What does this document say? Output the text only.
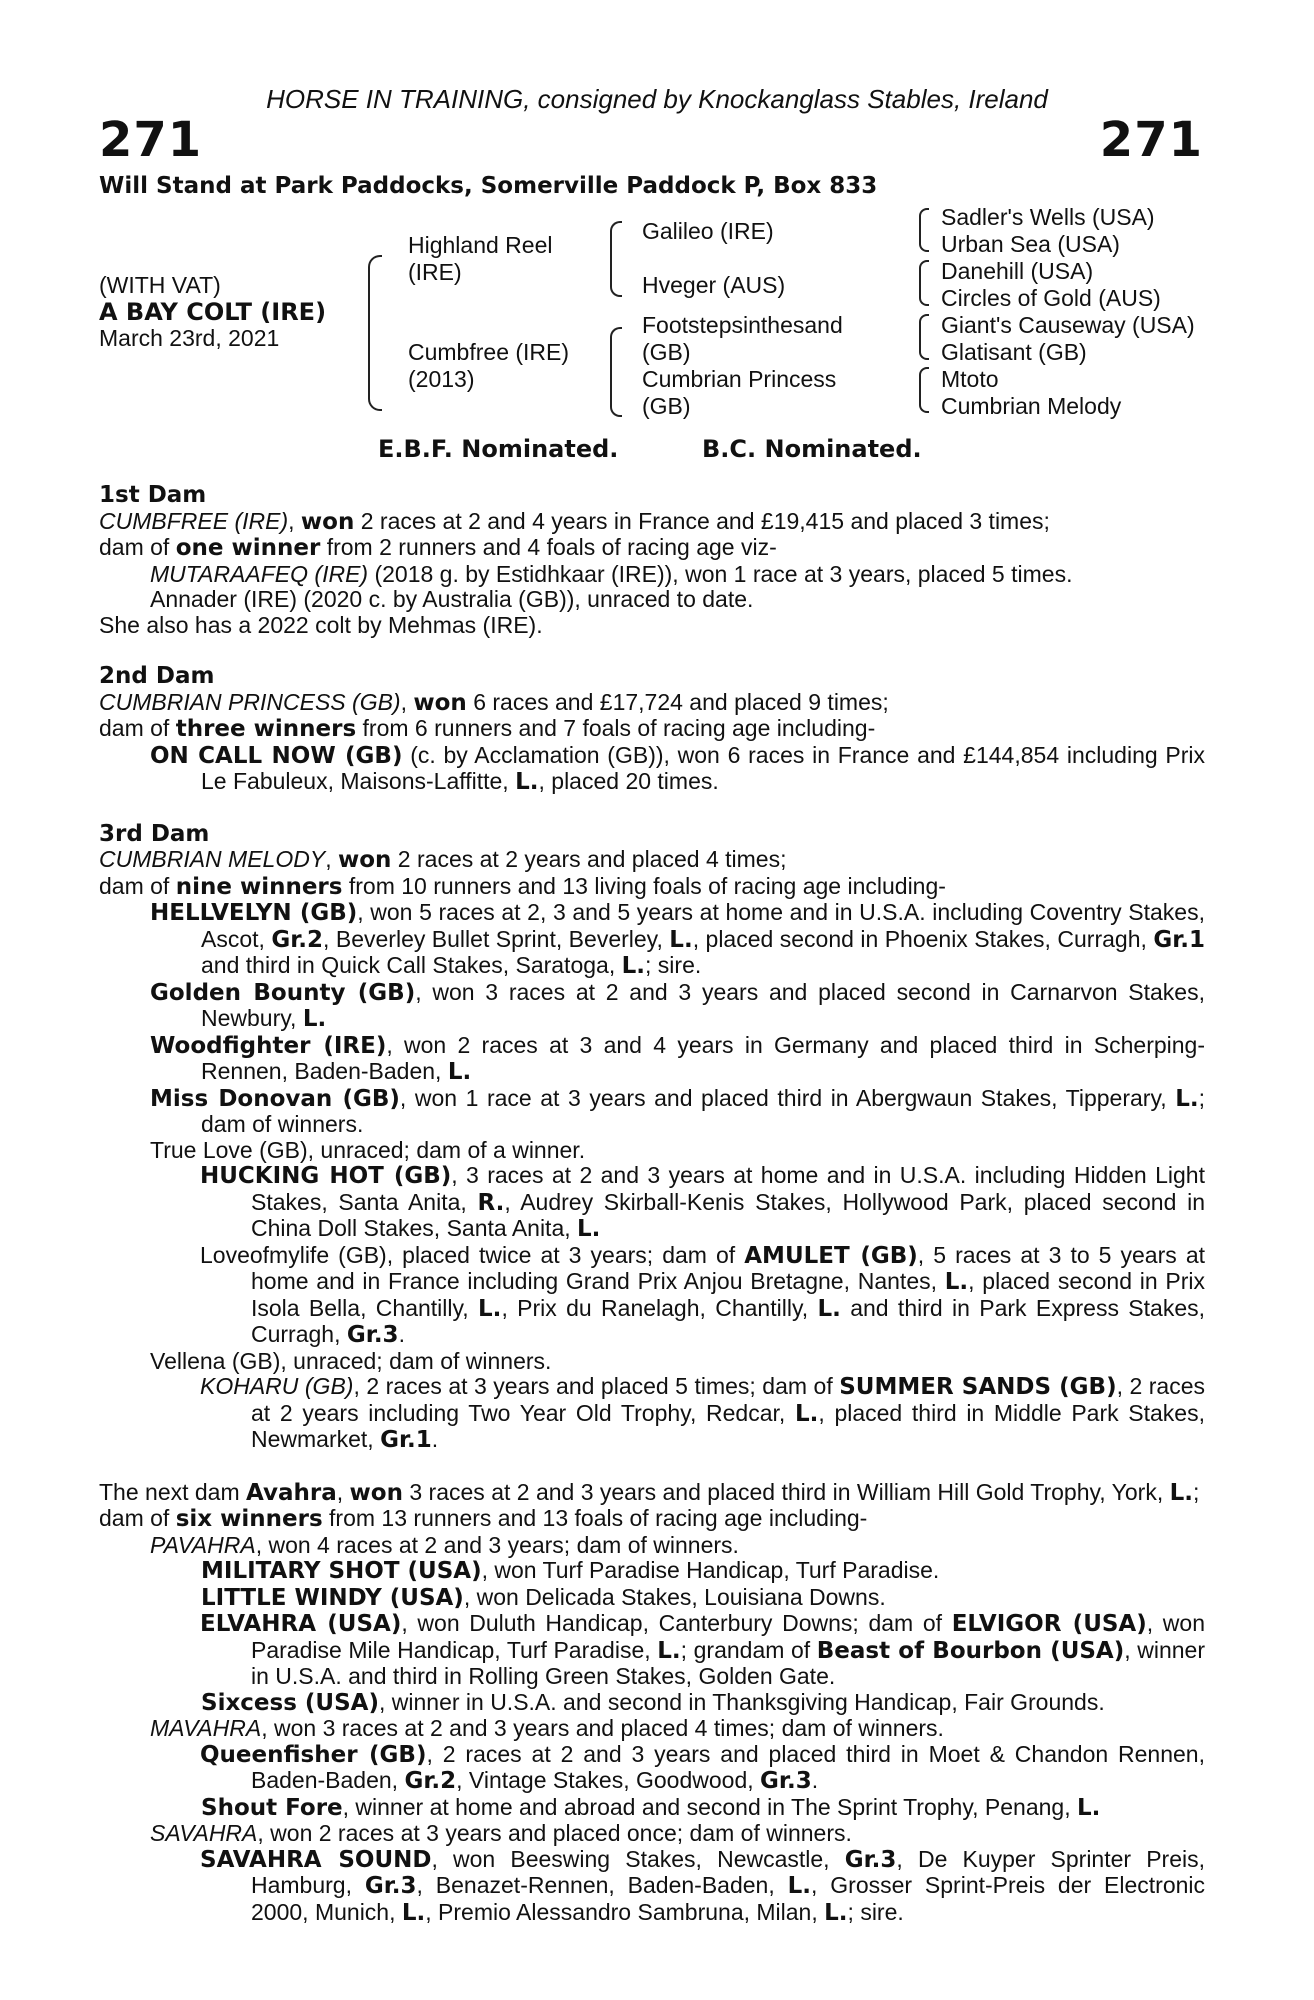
HORSE IN TRAINING, consigned by Knockanglass Stables, Ireland
271	271
Will Stand at Park Paddocks, Somerville Paddock P, Box 833
(WITH VAT)
A BAY COLT (IRE)
March 23rd, 2021
Highland Reel
(IRE)
Cumbfree (IRE)
(2013)
Galileo (IRE)
Hveger (AUS)
Footstepsinthesand
(GB)
Cumbrian Princess
(GB)
Sadler's Wells (USA)
Urban Sea (USA)
Danehill (USA)
Circles of Gold (AUS)
Giant's Causeway (USA)
Glatisant (GB)
Mtoto
Cumbrian Melody
E.B.F. Nominated.	B.C. Nominated.
1st Dam
CUMBFREE (IRE), won 2 races at 2 and 4 years in France and £19,415 and placed 3 times;
dam of one winner from 2 runners and 4 foals of racing age viz-
MUTARAAFEQ (IRE) (2018 g. by Estidhkaar (IRE)), won 1 race at 3 years, placed 5 times.
Annader (IRE) (2020 c. by Australia (GB)), unraced to date.
She also has a 2022 colt by Mehmas (IRE).
2nd Dam
CUMBRIAN PRINCESS (GB), won 6 races and £17,724 and placed 9 times;
dam of three winners from 6 runners and 7 foals of racing age including-
ON CALL NOW (GB) (c. by Acclamation (GB)), won 6 races in France and £144,854 including Prix Le Fabuleux, Maisons-Laffitte, L., placed 20 times.
3rd Dam
CUMBRIAN MELODY, won 2 races at 2 years and placed 4 times;
dam of nine winners from 10 runners and 13 living foals of racing age including-
HELLVELYN (GB), won 5 races at 2, 3 and 5 years at home and in U.S.A. including Coventry Stakes, Ascot, Gr.2, Beverley Bullet Sprint, Beverley, L., placed second in Phoenix Stakes, Curragh, Gr.1 and third in Quick Call Stakes, Saratoga, L.; sire.
Golden Bounty (GB), won 3 races at 2 and 3 years and placed second in Carnarvon Stakes, Newbury, L.
Woodfighter (IRE), won 2 races at 3 and 4 years in Germany and placed third in Scherping-Rennen, Baden-Baden, L.
Miss Donovan (GB), won 1 race at 3 years and placed third in Abergwaun Stakes, Tipperary, L.; dam of winners.
True Love (GB), unraced; dam of a winner.
HUCKING HOT (GB), 3 races at 2 and 3 years at home and in U.S.A. including Hidden Light Stakes, Santa Anita, R., Audrey Skirball-Kenis Stakes, Hollywood Park, placed second in China Doll Stakes, Santa Anita, L.
Loveofmylife (GB), placed twice at 3 years; dam of AMULET (GB), 5 races at 3 to 5 years at home and in France including Grand Prix Anjou Bretagne, Nantes, L., placed second in Prix Isola Bella, Chantilly, L., Prix du Ranelagh, Chantilly, L. and third in Park Express Stakes, Curragh, Gr.3.
Vellena (GB), unraced; dam of winners.
KOHARU (GB), 2 races at 3 years and placed 5 times; dam of SUMMER SANDS (GB), 2 races at 2 years including Two Year Old Trophy, Redcar, L., placed third in Middle Park Stakes, Newmarket, Gr.1.

The next dam Avahra, won 3 races at 2 and 3 years and placed third in William Hill Gold Trophy, York, L.;
dam of six winners from 13 runners and 13 foals of racing age including-
PAVAHRA, won 4 races at 2 and 3 years; dam of winners.
MILITARY SHOT (USA), won Turf Paradise Handicap, Turf Paradise.
LITTLE WINDY (USA), won Delicada Stakes, Louisiana Downs.
ELVAHRA (USA), won Duluth Handicap, Canterbury Downs; dam of ELVIGOR (USA), won Paradise Mile Handicap, Turf Paradise, L.; grandam of Beast of Bourbon (USA), winner in U.S.A. and third in Rolling Green Stakes, Golden Gate.
Sixcess (USA), winner in U.S.A. and second in Thanksgiving Handicap, Fair Grounds.
MAVAHRA, won 3 races at 2 and 3 years and placed 4 times; dam of winners.
Queenfisher (GB), 2 races at 2 and 3 years and placed third in Moet & Chandon Rennen, Baden-Baden, Gr.2, Vintage Stakes, Goodwood, Gr.3.
Shout Fore, winner at home and abroad and second in The Sprint Trophy, Penang, L.
SAVAHRA, won 2 races at 3 years and placed once; dam of winners.
SAVAHRA SOUND, won Beeswing Stakes, Newcastle, Gr.3, De Kuyper Sprinter Preis, Hamburg, Gr.3, Benazet-Rennen, Baden-Baden, L., Grosser Sprint-Preis der Electronic 2000, Munich, L., Premio Alessandro Sambruna, Milan, L.; sire.
